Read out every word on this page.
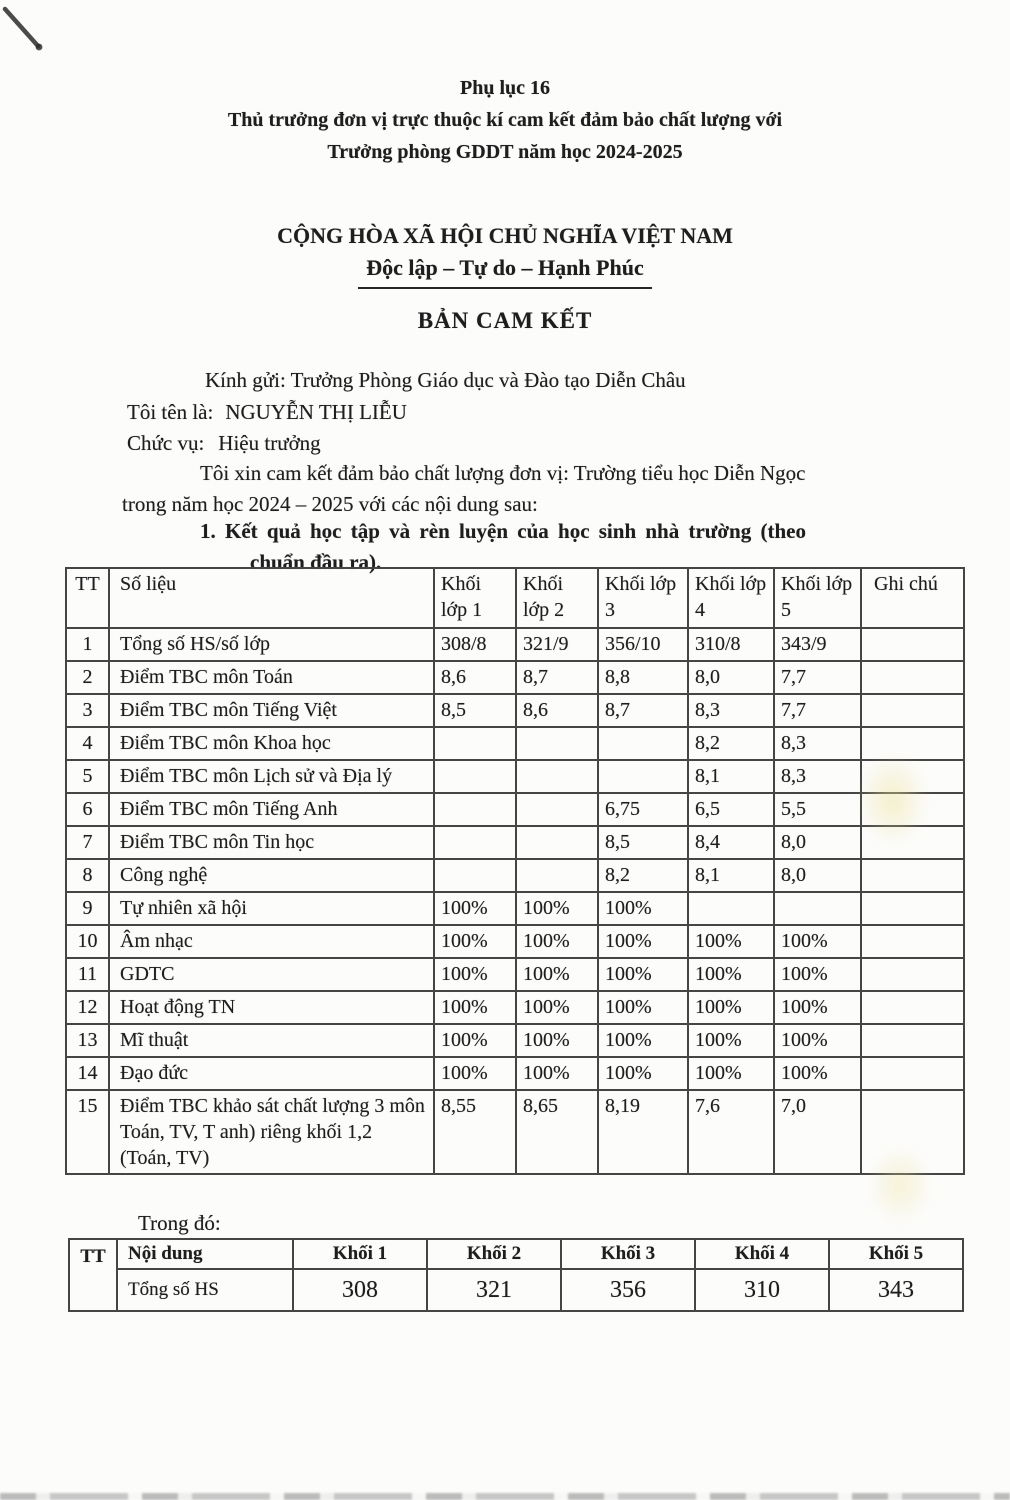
Phụ lục 16
Thủ trưởng đơn vị trực thuộc kí cam kết đảm bảo chất lượng với
Trưởng phòng GDDT năm học 2024-2025
CỘNG HÒA XÃ HỘI CHỦ NGHĨA VIỆT NAM
Độc lập – Tự do – Hạnh Phúc
BẢN CAM KẾT
Kính gửi: Trưởng Phòng Giáo dục và Đào tạo Diễn Châu
Tôi tên là: NGUYỄN THỊ LIỄU
Chức vụ: Hiệu trưởng
Tôi xin cam kết đảm bảo chất lượng đơn vị: Trường tiểu học Diễn Ngọc
trong năm học 2024 – 2025 với các nội dung sau:
1. Kết quả học tập và rèn luyện của học sinh nhà trường (theo
chuẩn đầu ra).
TT	Số liệu	Khối lớp 1	Khối lớp 2	Khối lớp 3	Khối lớp 4	Khối lớp 5	Ghi chú
1	Tổng số HS/số lớp	308/8	321/9	356/10	310/8	343/9	
2	Điểm TBC môn Toán	8,6	8,7	8,8	8,0	7,7	
3	Điểm TBC môn Tiếng Việt	8,5	8,6	8,7	8,3	7,7	
4	Điểm TBC môn Khoa học				8,2	8,3	
5	Điểm TBC môn Lịch sử và Địa lý				8,1	8,3	
6	Điểm TBC môn Tiếng Anh			6,75	6,5	5,5	
7	Điểm TBC môn Tin học			8,5	8,4	8,0	
8	Công nghệ			8,2	8,1	8,0	
9	Tự nhiên xã hội	100%	100%	100%			
10	Âm nhạc	100%	100%	100%	100%	100%	
11	GDTC	100%	100%	100%	100%	100%	
12	Hoạt động TN	100%	100%	100%	100%	100%	
13	Mĩ thuật	100%	100%	100%	100%	100%	
14	Đạo đức	100%	100%	100%	100%	100%	
15	Điểm TBC khảo sát chất lượng 3 môn Toán, TV, T anh) riêng khối 1,2 (Toán, TV)	8,55	8,65	8,19	7,6	7,0	
Trong đó:
TT	Nội dung	Khối 1	Khối 2	Khối 3	Khối 4	Khối 5
	Tổng số HS	308	321	356	310	343
